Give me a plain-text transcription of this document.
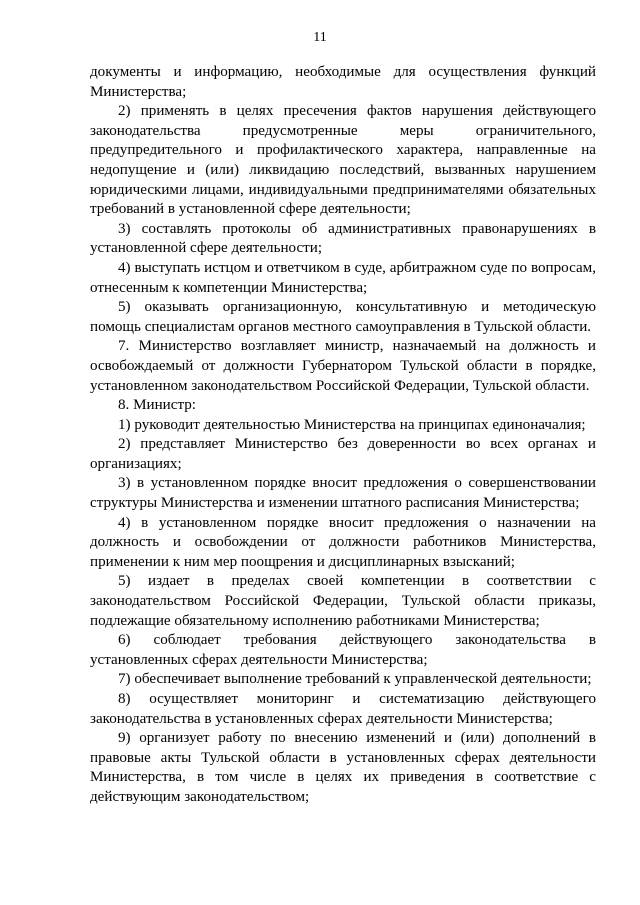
11

документы и информацию, необходимые для осуществления функций Министерства;

2) применять в целях пресечения фактов нарушения действующего законодательства предусмотренные меры ограничительного, предупредительного и профилактического характера, направленные на недопущение и (или) ликвидацию последствий, вызванных нарушением юридическими лицами, индивидуальными предпринимателями обязательных требований в установленной сфере деятельности;

3) составлять протоколы об административных правонарушениях в установленной сфере деятельности;

4) выступать истцом и ответчиком в суде, арбитражном суде по вопросам, отнесенным к компетенции Министерства;

5) оказывать организационную, консультативную и методическую помощь специалистам органов местного самоуправления в Тульской области.

7. Министерство возглавляет министр, назначаемый на должность и освобождаемый от должности Губернатором Тульской области в порядке, установленном законодательством Российской Федерации, Тульской области.

8. Министр:

1) руководит деятельностью Министерства на принципах единоначалия;

2) представляет Министерство без доверенности во всех органах и организациях;

3) в установленном порядке вносит предложения о совершенствовании структуры Министерства и изменении штатного расписания Министерства;

4) в установленном порядке вносит предложения о назначении на должность и освобождении от должности работников Министерства, применении к ним мер поощрения и дисциплинарных взысканий;

5) издает в пределах своей компетенции в соответствии с законодательством Российской Федерации, Тульской области приказы, подлежащие обязательному исполнению работниками Министерства;

6) соблюдает требования действующего законодательства в установленных сферах деятельности Министерства;

7) обеспечивает выполнение требований к управленческой деятельности;

8) осуществляет мониторинг и систематизацию действующего законодательства в установленных сферах деятельности Министерства;

9) организует работу по внесению изменений и (или) дополнений в правовые акты Тульской области в установленных сферах деятельности Министерства, в том числе в целях их приведения в соответствие с действующим законодательством;
